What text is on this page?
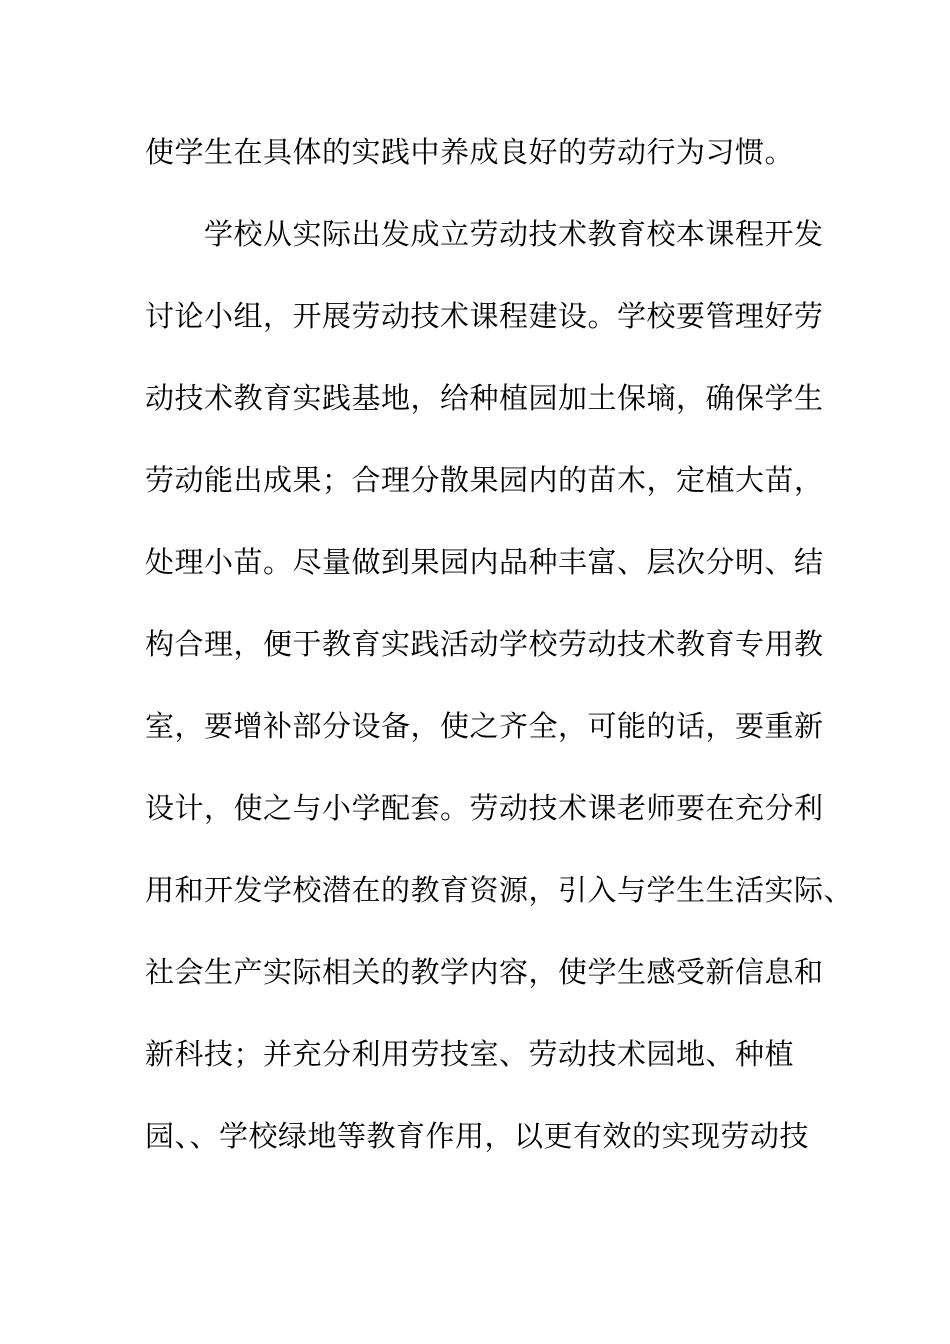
使学生在具体的实践中养成良好的劳动行为习惯。
　　学校从实际出发成立劳动技术教育校本课程开发
讨论小组，开展劳动技术课程建设。学校要管理好劳
动技术教育实践基地，给种植园加土保墒，确保学生
劳动能出成果；合理分散果园内的苗木，定植大苗，
处理小苗。尽量做到果园内品种丰富、层次分明、结
构合理，便于教育实践活动学校劳动技术教育专用教
室，要增补部分设备，使之齐全，可能的话，要重新
设计，使之与小学配套。劳动技术课老师要在充分利
用和开发学校潜在的教育资源，引入与学生生活实际、
社会生产实际相关的教学内容，使学生感受新信息和
新科技；并充分利用劳技室、劳动技术园地、种植
园、、学校绿地等教育作用，以更有效的实现劳动技
